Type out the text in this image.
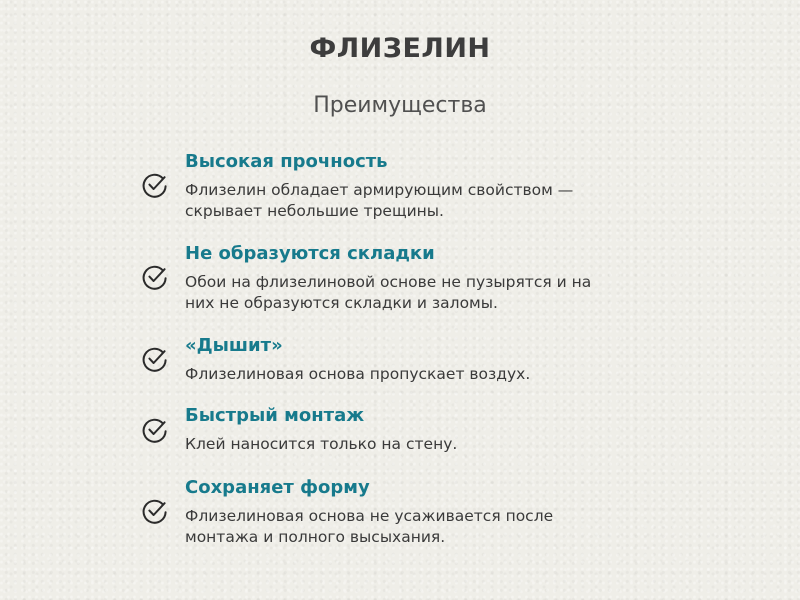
ФЛИЗЕЛИН
Преимущества
Высокая прочность
Флизелин обладает армирующим свойством —
скрывает небольшие трещины.
Не образуются складки
Обои на флизелиновой основе не пузырятся и на
них не образуются складки и заломы.
«Дышит»
Флизелиновая основа пропускает воздух.
Быстрый монтаж
Клей наносится только на стену.
Сохраняет форму
Флизелиновая основа не усаживается после
монтажа и полного высыхания.
